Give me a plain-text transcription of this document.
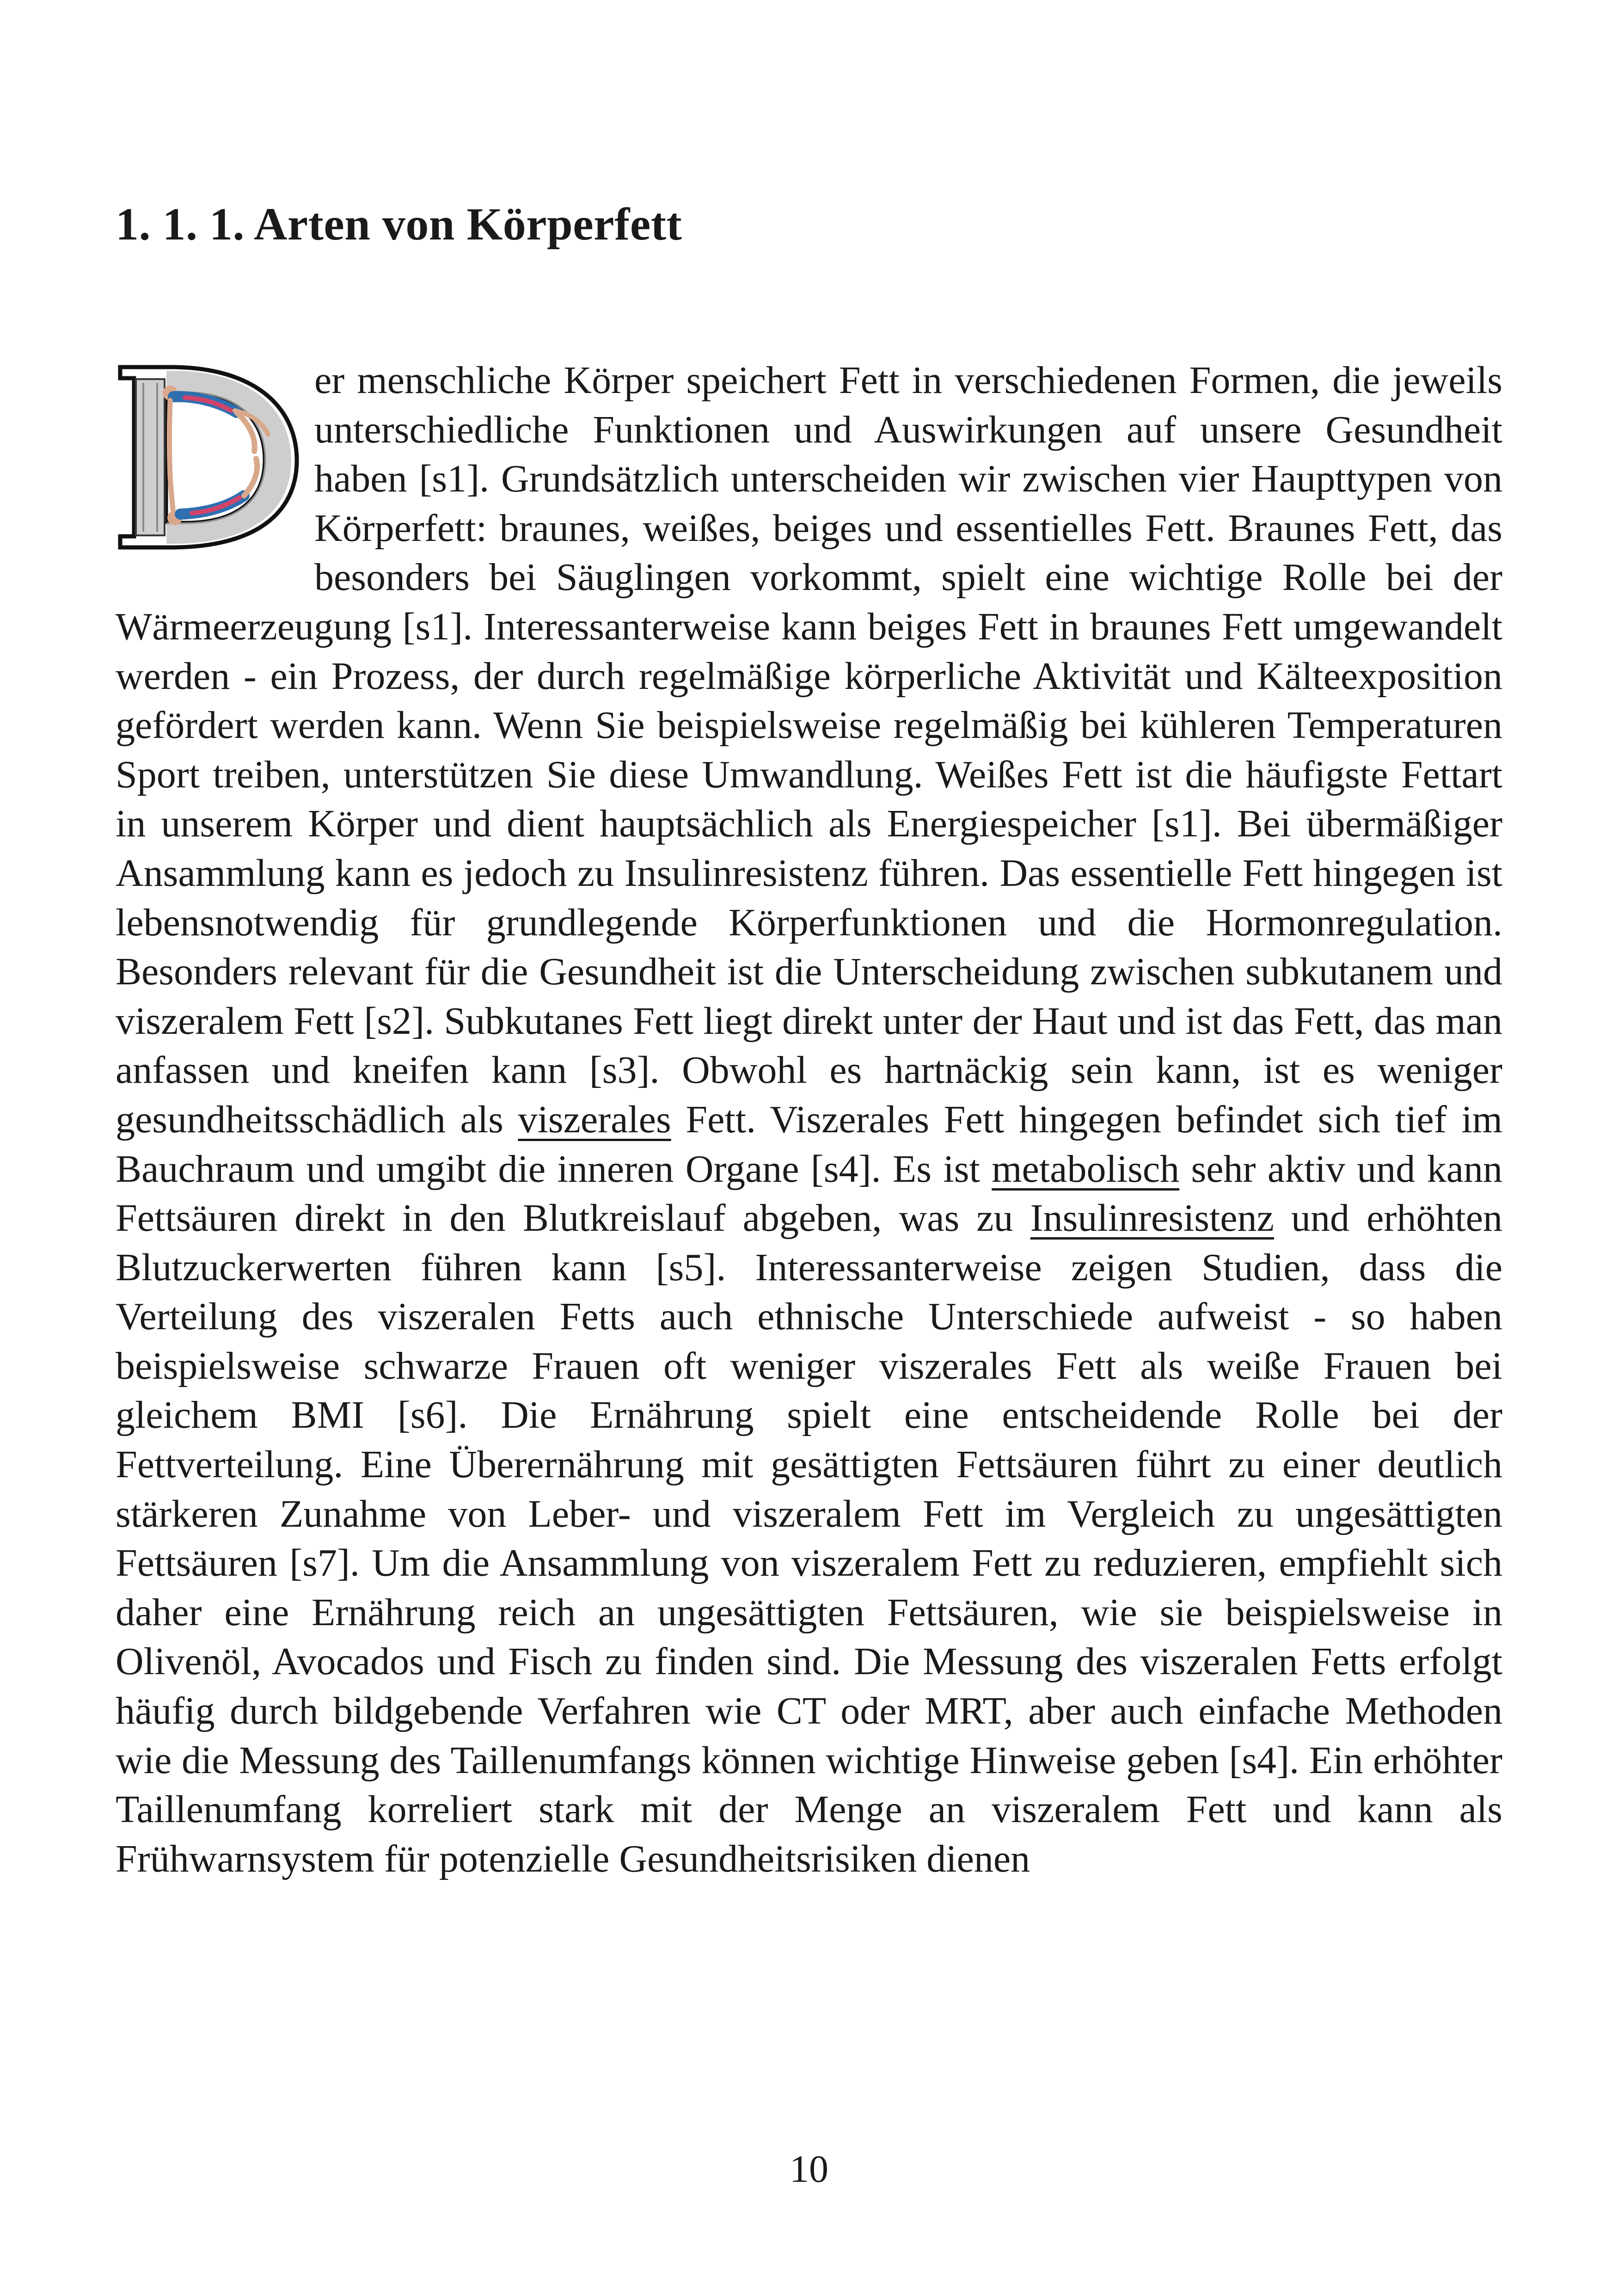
1. 1. 1. Arten von Körperfett

er menschliche Körper speichert Fett in verschiedenen Formen, die jeweils unterschiedliche Funktionen und Auswirkungen auf unsere Gesundheit haben [s1]. Grundsätzlich unterscheiden wir zwischen vier Haupttypen von Körperfett: braunes, weißes, beiges und essentielles Fett. Braunes Fett, das besonders bei Säuglingen vorkommt, spielt eine wichtige Rolle bei der Wärmeerzeugung [s1]. Interessanterweise kann beiges Fett in braunes Fett umgewandelt werden - ein Prozess, der durch regelmäßige körperliche Aktivität und Kälteexposition gefördert werden kann. Wenn Sie beispielsweise regelmäßig bei kühleren Temperaturen Sport treiben, unterstützen Sie diese Umwandlung. Weißes Fett ist die häufigste Fettart in unserem Körper und dient hauptsächlich als Energiespeicher [s1]. Bei übermäßiger Ansammlung kann es jedoch zu Insulinresistenz führen. Das essentielle Fett hingegen ist lebensnotwendig für grundlegende Körperfunktionen und die Hormonregulation. Besonders relevant für die Gesundheit ist die Unterscheidung zwischen subkutanem und viszeralem Fett [s2]. Subkutanes Fett liegt direkt unter der Haut und ist das Fett, das man anfassen und kneifen kann [s3]. Obwohl es hartnäckig sein kann, ist es weniger gesundheitsschädlich als viszerales Fett. Viszerales Fett hingegen befindet sich tief im Bauchraum und umgibt die inneren Organe [s4]. Es ist metabolisch sehr aktiv und kann Fettsäuren direkt in den Blutkreislauf abgeben, was zu Insulinresistenz und erhöhten Blutzuckerwerten führen kann [s5]. Interessanterweise zeigen Studien, dass die Verteilung des viszeralen Fetts auch ethnische Unterschiede aufweist - so haben beispielsweise schwarze Frauen oft weniger viszerales Fett als weiße Frauen bei gleichem BMI [s6]. Die Ernährung spielt eine entscheidende Rolle bei der Fettverteilung. Eine Überernährung mit gesättigten Fettsäuren führt zu einer deutlich stärkeren Zunahme von Leber- und viszeralem Fett im Vergleich zu ungesättigten Fettsäuren [s7]. Um die Ansammlung von viszeralem Fett zu reduzieren, empfiehlt sich daher eine Ernährung reich an ungesättigten Fettsäuren, wie sie beispielsweise in Olivenöl, Avocados und Fisch zu finden sind. Die Messung des viszeralen Fetts erfolgt häufig durch bildgebende Verfahren wie CT oder MRT, aber auch einfache Methoden wie die Messung des Taillenumfangs können wichtige Hinweise geben [s4]. Ein erhöhter Taillenumfang korreliert stark mit der Menge an viszeralem Fett und kann als Frühwarnsystem für potenzielle Gesundheitsrisiken dienen

10
